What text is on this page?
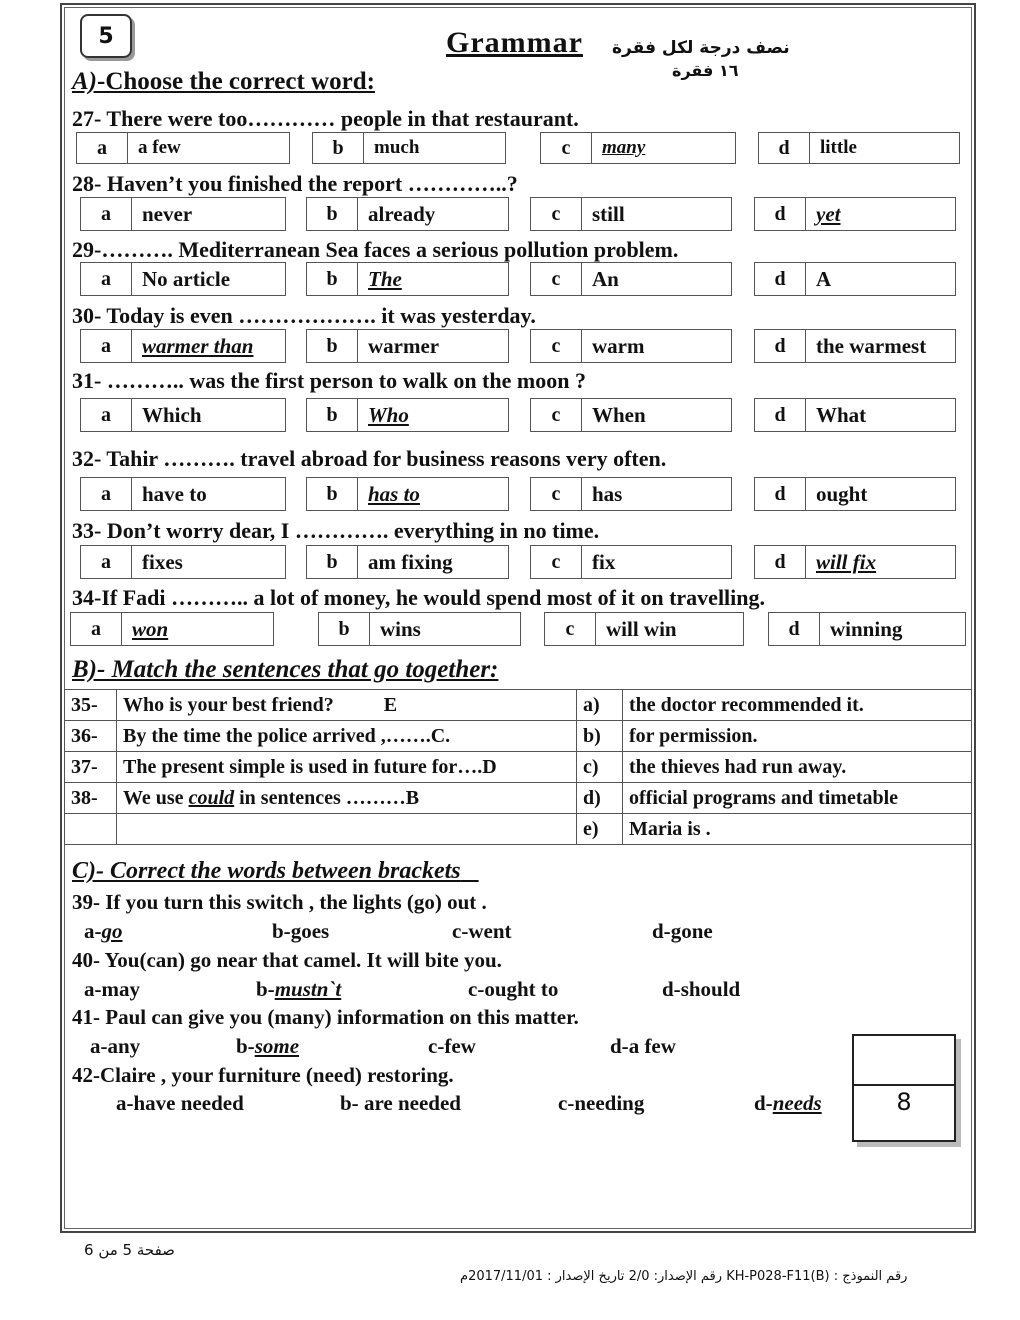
5	Grammar نصف درجة لكل فقرة
١٦ فقرة
A)-Choose the correct word:
27- There were too………… people in that restaurant.
a	a few	b	much	c	many	d	little
28- Haven’t you finished the report …………..?
a	never	b	already	c	still	d	yet
29-………. Mediterranean Sea faces a serious pollution problem.
a	No article	b	The	c	An	d	A
30- Today is even ………………. it was yesterday.
a	warmer than	b	warmer	c	warm	d	the warmest
31- ……….. was the first person to walk on the moon ?
a	Which	b	Who	c	When	d	What
32- Tahir ………. travel abroad for business reasons very often.
a	have to	b	has to	c	has	d	ought
33- Don’t worry dear, I …………. everything in no time.
a	fixes	b	am fixing	c	fix	d	will fix
34-If Fadi ……….. a lot of money, he would spend most of it on travelling.
a	won	b	wins	c	will win	d	winning
B)- Match the sentences that go together:
35-	Who is your best friend? E	a)	the doctor recommended it.
36-	By the time the police arrived ,…….C.	b)	for permission.
37-	The present simple is used in future for….D	c)	the thieves had run away.
38-	We use could in sentences ………B	d)	official programs and timetable
		e)	Maria is .
C)- Correct the words between brackets
39- If you turn this switch , the lights (go) out .
a-go	b-goes	c-went	d-gone
40- You(can) go near that camel. It will bite you.
a-may	b-mustn`t	c-ought to	d-should
41- Paul can give you (many) information on this matter.
a-any	b-some	c-few	d-a few
42-Claire , your furniture (need) restoring.
a-have needed	b- are needed	c-needing	d-needs	8
صفحة 5 من 6
رقم النموذج : (KH-P028-F11(B رقم الإصدار: 2/0 تاريخ الإصدار : 2017/11/01م
